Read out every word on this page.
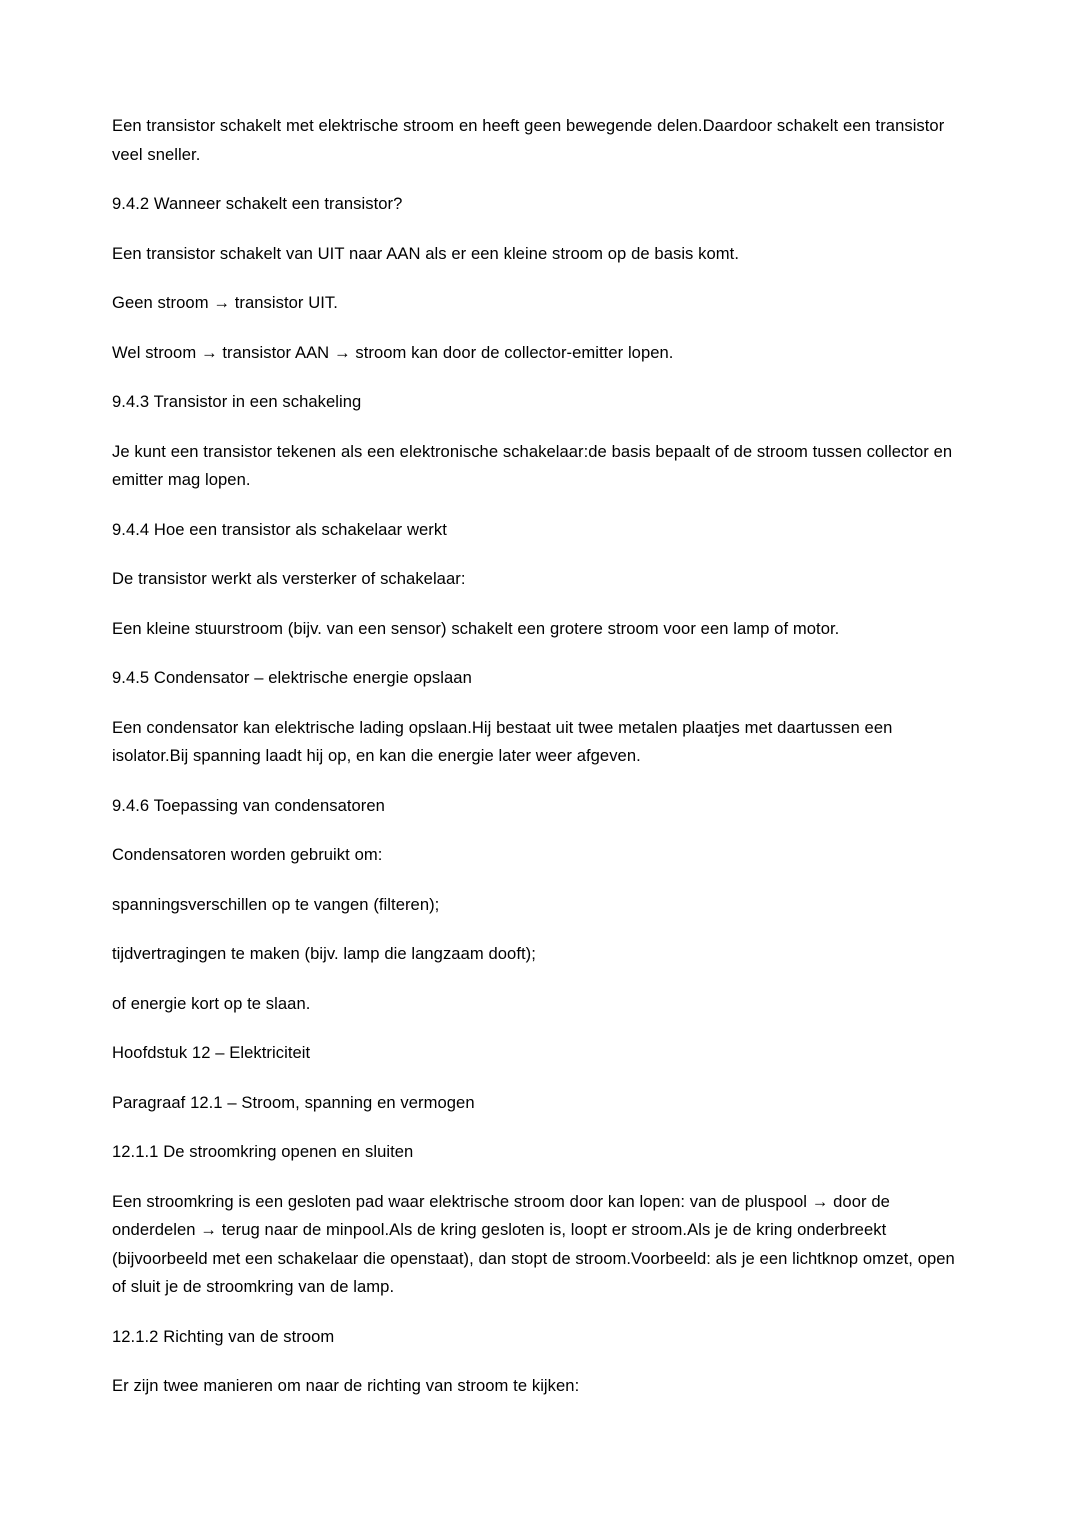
Een transistor schakelt met elektrische stroom en heeft geen bewegende delen.Daardoor schakelt een transistor veel sneller.

9.4.2 Wanneer schakelt een transistor?

Een transistor schakelt van UIT naar AAN als er een kleine stroom op de basis komt.

Geen stroom → transistor UIT.

Wel stroom → transistor AAN → stroom kan door de collector-emitter lopen.

9.4.3 Transistor in een schakeling

Je kunt een transistor tekenen als een elektronische schakelaar:de basis bepaalt of de stroom tussen collector en emitter mag lopen.

9.4.4 Hoe een transistor als schakelaar werkt

De transistor werkt als versterker of schakelaar:

Een kleine stuurstroom (bijv. van een sensor) schakelt een grotere stroom voor een lamp of motor.

9.4.5 Condensator – elektrische energie opslaan

Een condensator kan elektrische lading opslaan.Hij bestaat uit twee metalen plaatjes met daartussen een isolator.Bij spanning laadt hij op, en kan die energie later weer afgeven.

9.4.6 Toepassing van condensatoren

Condensatoren worden gebruikt om:

spanningsverschillen op te vangen (filteren);

tijdvertragingen te maken (bijv. lamp die langzaam dooft);

of energie kort op te slaan.

Hoofdstuk 12 – Elektriciteit

Paragraaf 12.1 – Stroom, spanning en vermogen

12.1.1 De stroomkring openen en sluiten

Een stroomkring is een gesloten pad waar elektrische stroom door kan lopen: van de pluspool → door de onderdelen → terug naar de minpool.Als de kring gesloten is, loopt er stroom.Als je de kring onderbreekt (bijvoorbeeld met een schakelaar die openstaat), dan stopt de stroom.Voorbeeld: als je een lichtknop omzet, open of sluit je de stroomkring van de lamp.

12.1.2 Richting van de stroom

Er zijn twee manieren om naar de richting van stroom te kijken:
